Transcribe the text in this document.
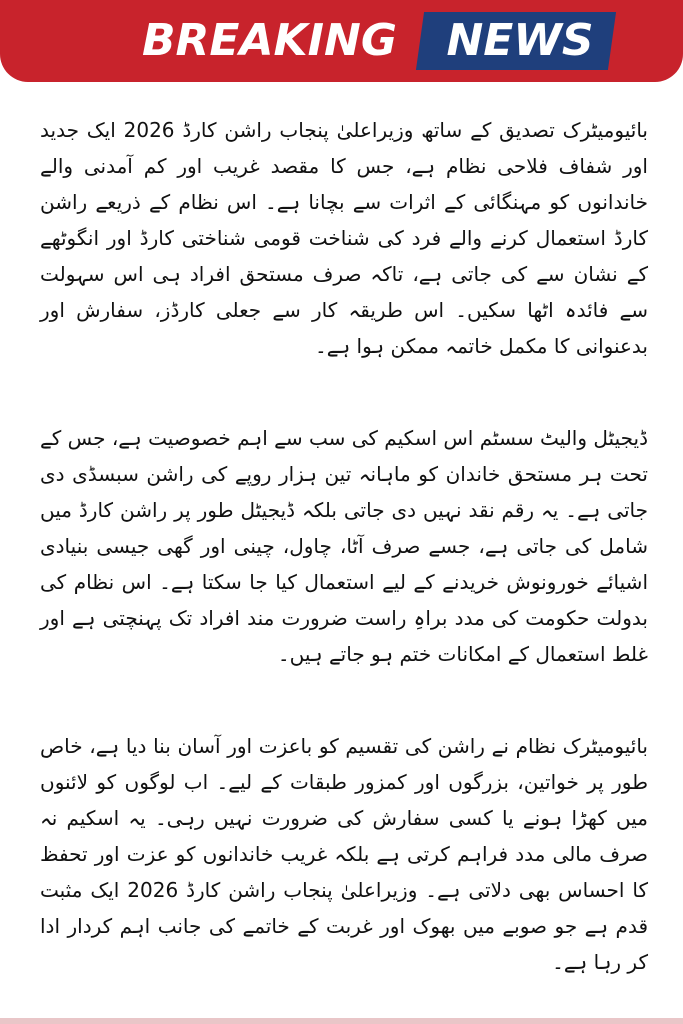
BREAKING NEWS

بائیومیٹرک تصدیق کے ساتھ وزیراعلیٰ پنجاب راشن کارڈ 2026 ایک جدید اور شفاف فلاحی نظام ہے، جس کا مقصد غریب اور کم آمدنی والے خاندانوں کو مہنگائی کے اثرات سے بچانا ہے۔ اس نظام کے ذریعے راشن کارڈ استعمال کرنے والے فرد کی شناخت قومی شناختی کارڈ اور انگوٹھے کے نشان سے کی جاتی ہے، تاکہ صرف مستحق افراد ہی اس سہولت سے فائدہ اٹھا سکیں۔ اس طریقہ کار سے جعلی کارڈز، سفارش اور بدعنوانی کا مکمل خاتمہ ممکن ہوا ہے۔

ڈیجیٹل والیٹ سسٹم اس اسکیم کی سب سے اہم خصوصیت ہے، جس کے تحت ہر مستحق خاندان کو ماہانہ تین ہزار روپے کی راشن سبسڈی دی جاتی ہے۔ یہ رقم نقد نہیں دی جاتی بلکہ ڈیجیٹل طور پر راشن کارڈ میں شامل کی جاتی ہے، جسے صرف آٹا، چاول، چینی اور گھی جیسی بنیادی اشیائے خورونوش خریدنے کے لیے استعمال کیا جا سکتا ہے۔ اس نظام کی بدولت حکومت کی مدد براہِ راست ضرورت مند افراد تک پہنچتی ہے اور غلط استعمال کے امکانات ختم ہو جاتے ہیں۔

بائیومیٹرک نظام نے راشن کی تقسیم کو باعزت اور آسان بنا دیا ہے، خاص طور پر خواتین، بزرگوں اور کمزور طبقات کے لیے۔ اب لوگوں کو لائنوں میں کھڑا ہونے یا کسی سفارش کی ضرورت نہیں رہی۔ یہ اسکیم نہ صرف مالی مدد فراہم کرتی ہے بلکہ غریب خاندانوں کو عزت اور تحفظ کا احساس بھی دلاتی ہے۔ وزیراعلیٰ پنجاب راشن کارڈ 2026 ایک مثبت قدم ہے جو صوبے میں بھوک اور غربت کے خاتمے کی جانب اہم کردار ادا کر رہا ہے۔
